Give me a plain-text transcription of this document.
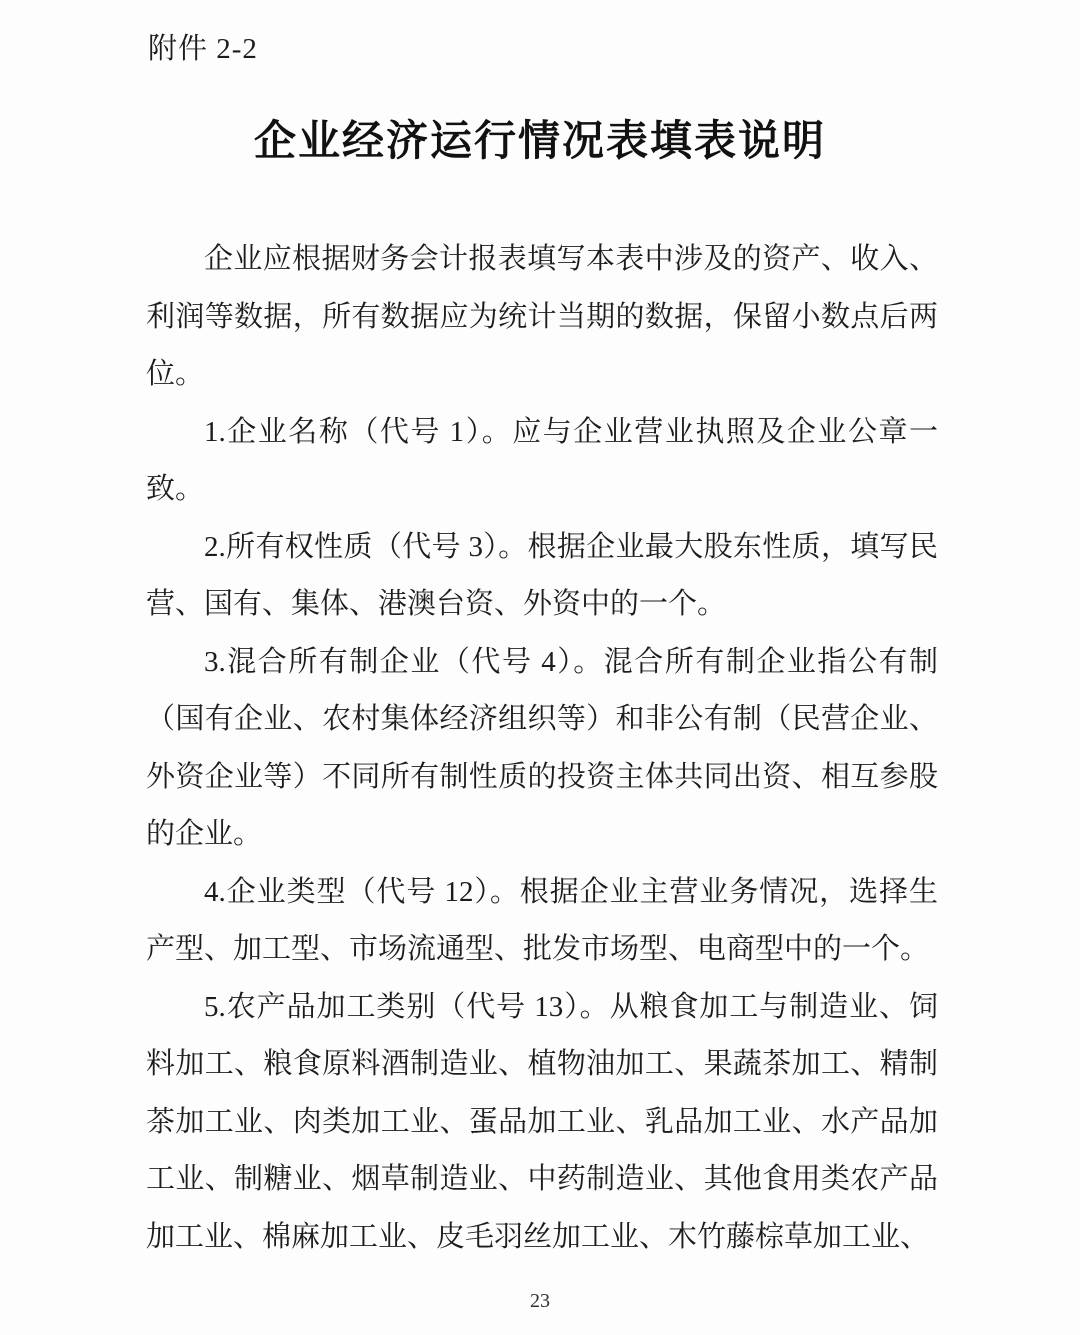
附件 2-2
企业经济运行情况表填表说明

企业应根据财务会计报表填写本表中涉及的资产、收入、利润等数据，所有数据应为统计当期的数据，保留小数点后两位。

1.企业名称（代号 1）。应与企业营业执照及企业公章一致。

2.所有权性质（代号 3）。根据企业最大股东性质，填写民营、国有、集体、港澳台资、外资中的一个。

3.混合所有制企业（代号 4）。混合所有制企业指公有制（国有企业、农村集体经济组织等）和非公有制（民营企业、外资企业等）不同所有制性质的投资主体共同出资、相互参股的企业。

4.企业类型（代号 12）。根据企业主营业务情况，选择生产型、加工型、市场流通型、批发市场型、电商型中的一个。

5.农产品加工类别（代号 13）。从粮食加工与制造业、饲料加工、粮食原料酒制造业、植物油加工、果蔬茶加工、精制茶加工业、肉类加工业、蛋品加工业、乳品加工业、水产品加工业、制糖业、烟草制造业、中药制造业、其他食用类农产品加工业、棉麻加工业、皮毛羽丝加工业、木竹藤棕草加工业、

23
